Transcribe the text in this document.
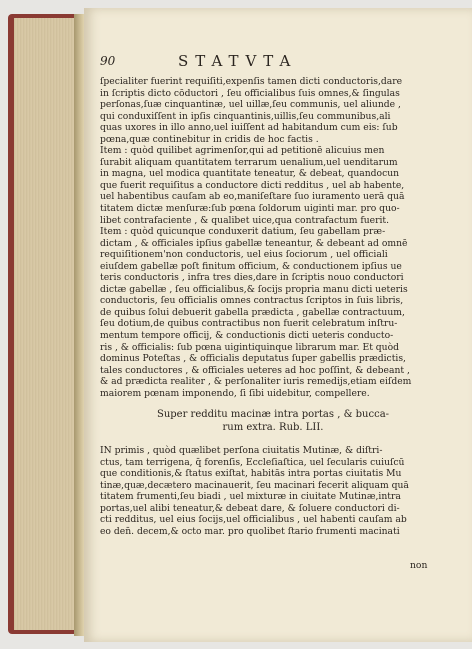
90	STATVTA
ſpecialiter fuerint requiſiti,expenſis tamen dicti conductoris,dare
in ſcriptis dicto cōductori , ſeu officialibus ſuis omnes,& ſingulas
perſonas,ſuæ cinquantinæ, uel uillæ,ſeu communis, uel aliunde ,
qui conduxiſſent in ipſis cinquantinis,uillis,ſeu communibus,ali
quas uxores in illo anno,uel iuiſſent ad habitandum cum eis: ſub
pœna,quæ continebitur in cridis de hoc factis .
Item : quòd quilibet agrimenſor,qui ad petitionē alicuius men
ſurabit aliquam quantitatem terrarum uenalium,uel uenditarum
in magna, uel modica quantitate teneatur, & debeat, quandocun
que fuerit requiſitus a conductore dicti redditus , uel ab habente,
uel habentibus cauſam ab eo,maniſeſtare ſuo iuramento uerā quā
titatem dictæ menſuræ:ſub pœna ſoldorum uiginti mar. pro quo-
libet contrafaciente , & qualibet uice,qua contrafactum fuerit.
Item : quòd quicunque conduxerit datium, ſeu gabellam præ-
dictam , & officiales ipſius gabellæ teneantur, & debeant ad omnē
requiſitionem'non conductoris, uel eius ſociorum , uel officiali
eiuſdem gabellæ poſt finitum officium, & conductionem ipſius ue
teris conductoris , infra tres dies,dare in ſcriptis nouo conductori
dictæ gabellæ , ſeu officialibus,& ſocijs propria manu dicti ueteris
conductoris, ſeu officialis omnes contractus ſcriptos in ſuis libris,
de quibus ſolui debuerit gabella prædicta , gabellæ contractuum,
ſeu dotium,de quibus contractibus non fuerit celebratum inſtru-
mentum tempore officij, & conductionis dicti ueteris conducto-
ris , & officialis: ſub pœna uigintiquinque librarum mar. Et quòd
dominus Poteſtas , & officialis deputatus ſuper gabellis prædictis,
tales conductores , & officiales ueteres ad hoc poſſint, & debeant ,
& ad prædicta realiter , & perſonaliter iuris remedijs,etiam eiſdem
maiorem pœnam imponendo, ſi ſibi uidebitur, compellere.
Super redditu macinæ intra portas , & bucca-
rum extra. Rub. LII.
IN primis , quòd quælibet perſona ciuitatis Mutinæ, & diſtri-
ctus, tam terrigena, q̄ forenſis, Eccleſiaſtica, uel ſecularis cuiuſcū
que conditionis,& ſtatus exiſtat, habitās intra portas ciuitatis Mu
tinæ,quæ,decætero macinauerit, ſeu macinari fecerit aliquam quā
titatem frumenti,ſeu biadi , uel mixturæ in ciuitate Mutinæ,intra
portas,uel alibi teneatur,& debeat dare, & ſoluere conductori di-
cti redditus, uel eius ſocijs,uel officialibus , uel habenti cauſam ab
eo den̄. decem,& octo mar. pro quolibet ſtario frumenti macinati
non
